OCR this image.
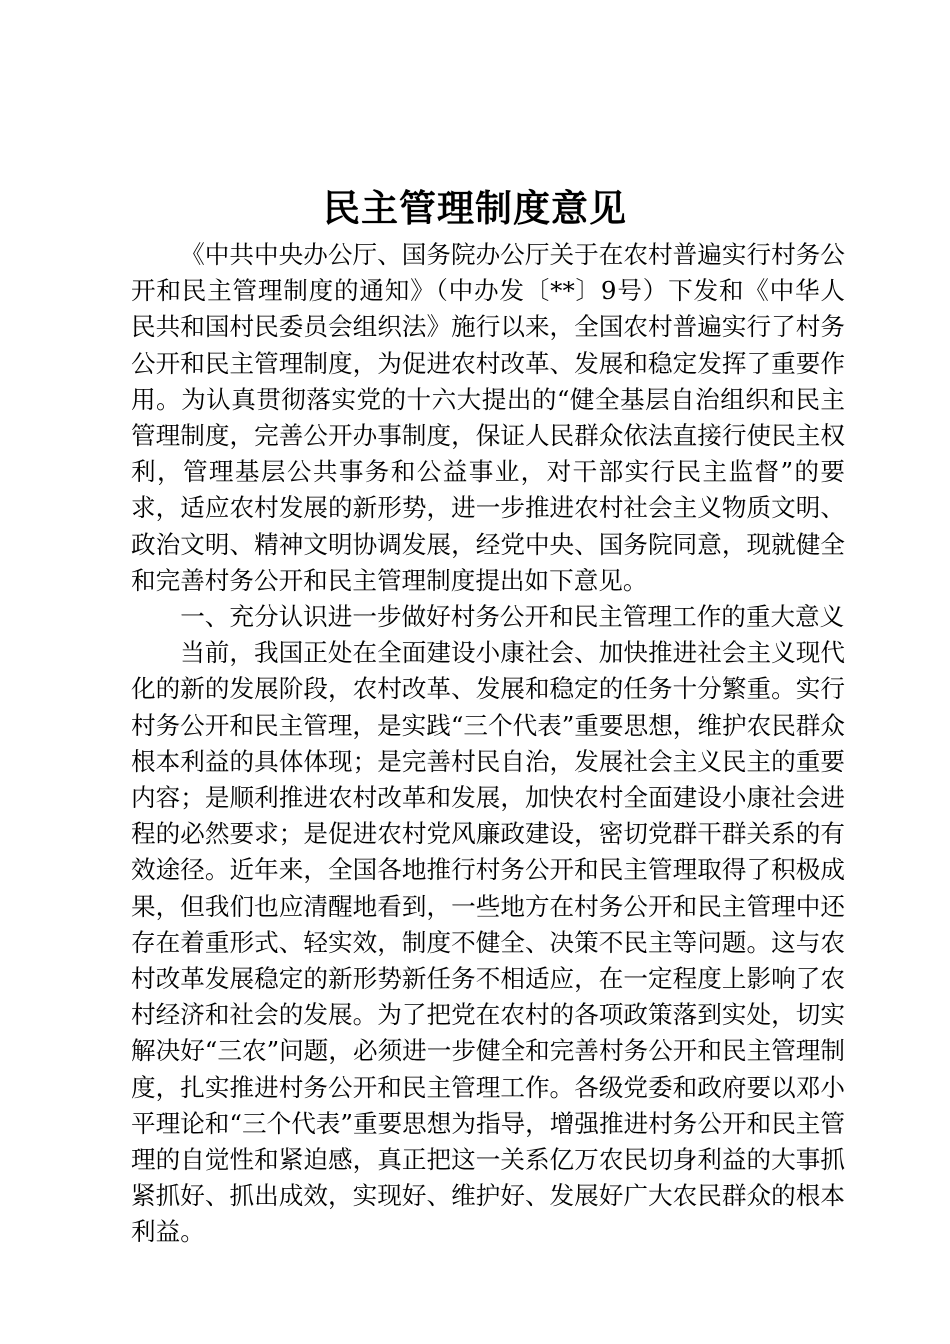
民主管理制度意见

《中共中央办公厅、国务院办公厅关于在农村普遍实行村务公开和民主管理制度的通知》（中办发〔**〕9号）下发和《中华人民共和国村民委员会组织法》施行以来，全国农村普遍实行了村务公开和民主管理制度，为促进农村改革、发展和稳定发挥了重要作用。为认真贯彻落实党的十六大提出的“健全基层自治组织和民主管理制度，完善公开办事制度，保证人民群众依法直接行使民主权利，管理基层公共事务和公益事业，对干部实行民主监督”的要求，适应农村发展的新形势，进一步推进农村社会主义物质文明、政治文明、精神文明协调发展，经党中央、国务院同意，现就健全和完善村务公开和民主管理制度提出如下意见。

一、充分认识进一步做好村务公开和民主管理工作的重大意义

当前，我国正处在全面建设小康社会、加快推进社会主义现代化的新的发展阶段，农村改革、发展和稳定的任务十分繁重。实行村务公开和民主管理，是实践“三个代表”重要思想，维护农民群众根本利益的具体体现；是完善村民自治，发展社会主义民主的重要内容；是顺利推进农村改革和发展，加快农村全面建设小康社会进程的必然要求；是促进农村党风廉政建设，密切党群干群关系的有效途径。近年来，全国各地推行村务公开和民主管理取得了积极成果，但我们也应清醒地看到，一些地方在村务公开和民主管理中还存在着重形式、轻实效，制度不健全、决策不民主等问题。这与农村改革发展稳定的新形势新任务不相适应，在一定程度上影响了农村经济和社会的发展。为了把党在农村的各项政策落到实处，切实解决好“三农”问题，必须进一步健全和完善村务公开和民主管理制度，扎实推进村务公开和民主管理工作。各级党委和政府要以邓小平理论和“三个代表”重要思想为指导，增强推进村务公开和民主管理的自觉性和紧迫感，真正把这一关系亿万农民切身利益的大事抓紧抓好、抓出成效，实现好、维护好、发展好广大农民群众的根本利益。
